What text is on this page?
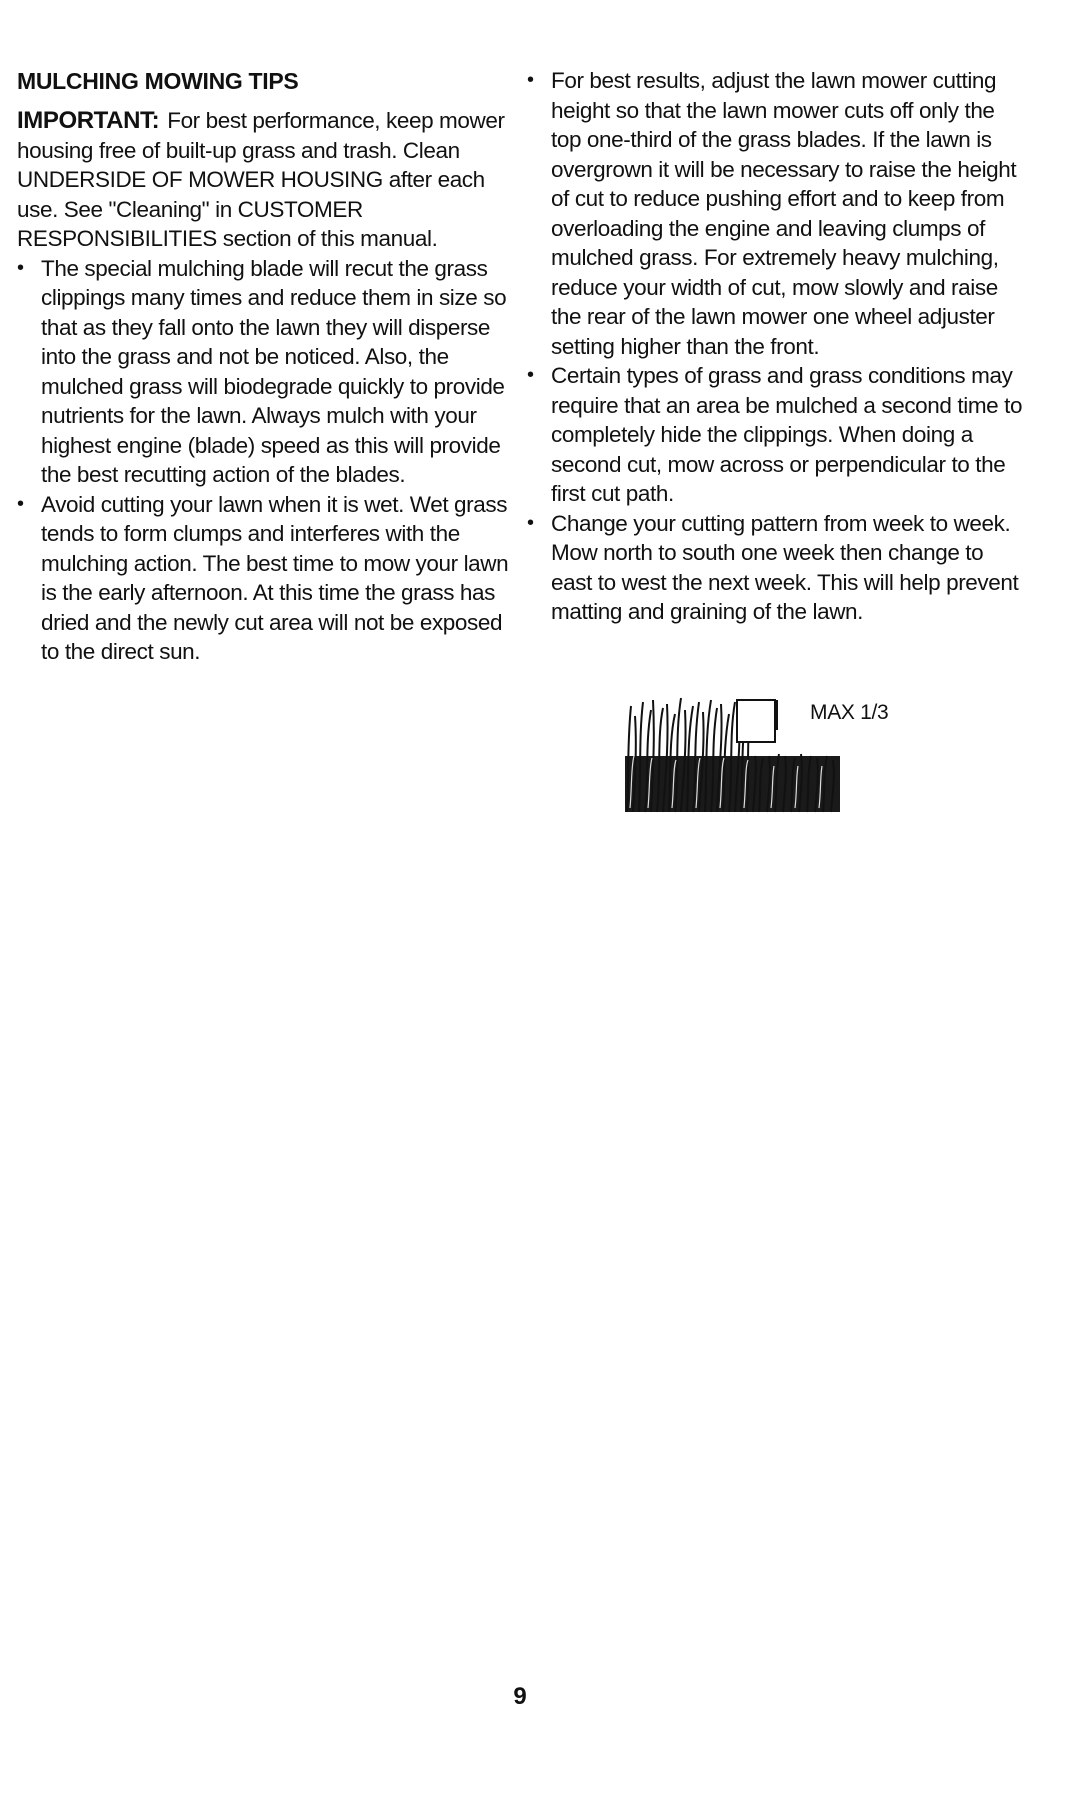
MULCHING MOWING TIPS

IMPORTANT: For best performance, keep mower housing free of built-up grass and trash. Clean UNDERSIDE OF MOWER HOUSING after each use. See "Cleaning" in CUSTOMER RESPONSIBILITIES section of this manual.

• The special mulching blade will recut the grass clippings many times and reduce them in size so that as they fall onto the lawn they will disperse into the grass and not be noticed. Also, the mulched grass will biodegrade quickly to provide nutrients for the lawn. Always mulch with your highest engine (blade) speed as this will provide the best recutting action of the blades.
• Avoid cutting your lawn when it is wet. Wet grass tends to form clumps and interferes with the mulching action. The best time to mow your lawn is the early afternoon. At this time the grass has dried and the newly cut area will not be exposed to the direct sun.
• For best results, adjust the lawn mower cutting height so that the lawn mower cuts off only the top one-third of the grass blades. If the lawn is overgrown it will be necessary to raise the height of cut to reduce pushing effort and to keep from overloading the engine and leaving clumps of mulched grass. For extremely heavy mulching, reduce your width of cut, mow slowly and raise the rear of the lawn mower one wheel adjuster setting higher than the front.
• Certain types of grass and grass conditions may require that an area be mulched a second time to completely hide the clippings. When doing a second cut, mow across or perpendicular to the first cut path.
• Change your cutting pattern from week to week. Mow north to south one week then change to east to west the next week. This will help prevent matting and graining of the lawn.
MAX 1/3
9
